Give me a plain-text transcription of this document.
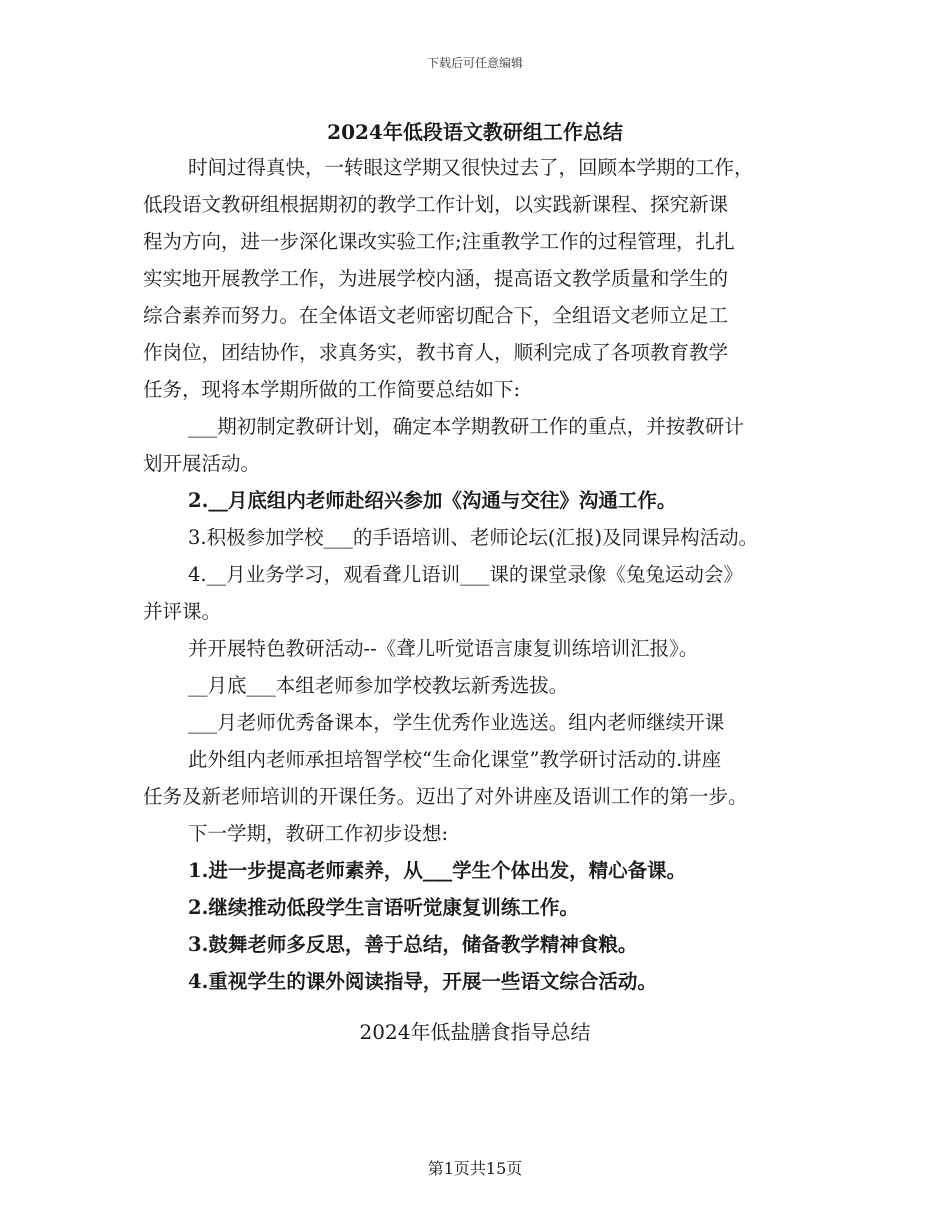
下载后可任意编辑
2024年低段语文教研组工作总结
时间过得真快，一转眼这学期又很快过去了，回顾本学期的工作，
低段语文教研组根据期初的教学工作计划，以实践新课程、探究新课
程为方向，进一步深化课改实验工作;注重教学工作的过程管理，扎扎
实实地开展教学工作，为进展学校内涵，提高语文教学质量和学生的
综合素养而努力。在全体语文老师密切配合下，全组语文老师立足工
作岗位，团结协作，求真务实，教书育人，顺利完成了各项教育教学
任务，现将本学期所做的工作简要总结如下:
___期初制定教研计划，确定本学期教研工作的重点，并按教研计
划开展活动。
2.__月底组内老师赴绍兴参加《沟通与交往》沟通工作。
3.积极参加学校___的手语培训、老师论坛(汇报)及同课异构活动。
4.__月业务学习，观看聋儿语训___课的课堂录像《兔兔运动会》
并评课。
并开展特色教研活动--《聋儿听觉语言康复训练培训汇报》。
__月底___本组老师参加学校教坛新秀选拔。
___月老师优秀备课本，学生优秀作业选送。组内老师继续开课
此外组内老师承担培智学校“生命化课堂”教学研讨活动的.讲座
任务及新老师培训的开课任务。迈出了对外讲座及语训工作的第一步。
下一学期，教研工作初步设想:
1.进一步提高老师素养，从___学生个体出发，精心备课。
2.继续推动低段学生言语听觉康复训练工作。
3.鼓舞老师多反思，善于总结，储备教学精神食粮。
4.重视学生的课外阅读指导，开展一些语文综合活动。
2024年低盐膳食指导总结
第1页共15页
